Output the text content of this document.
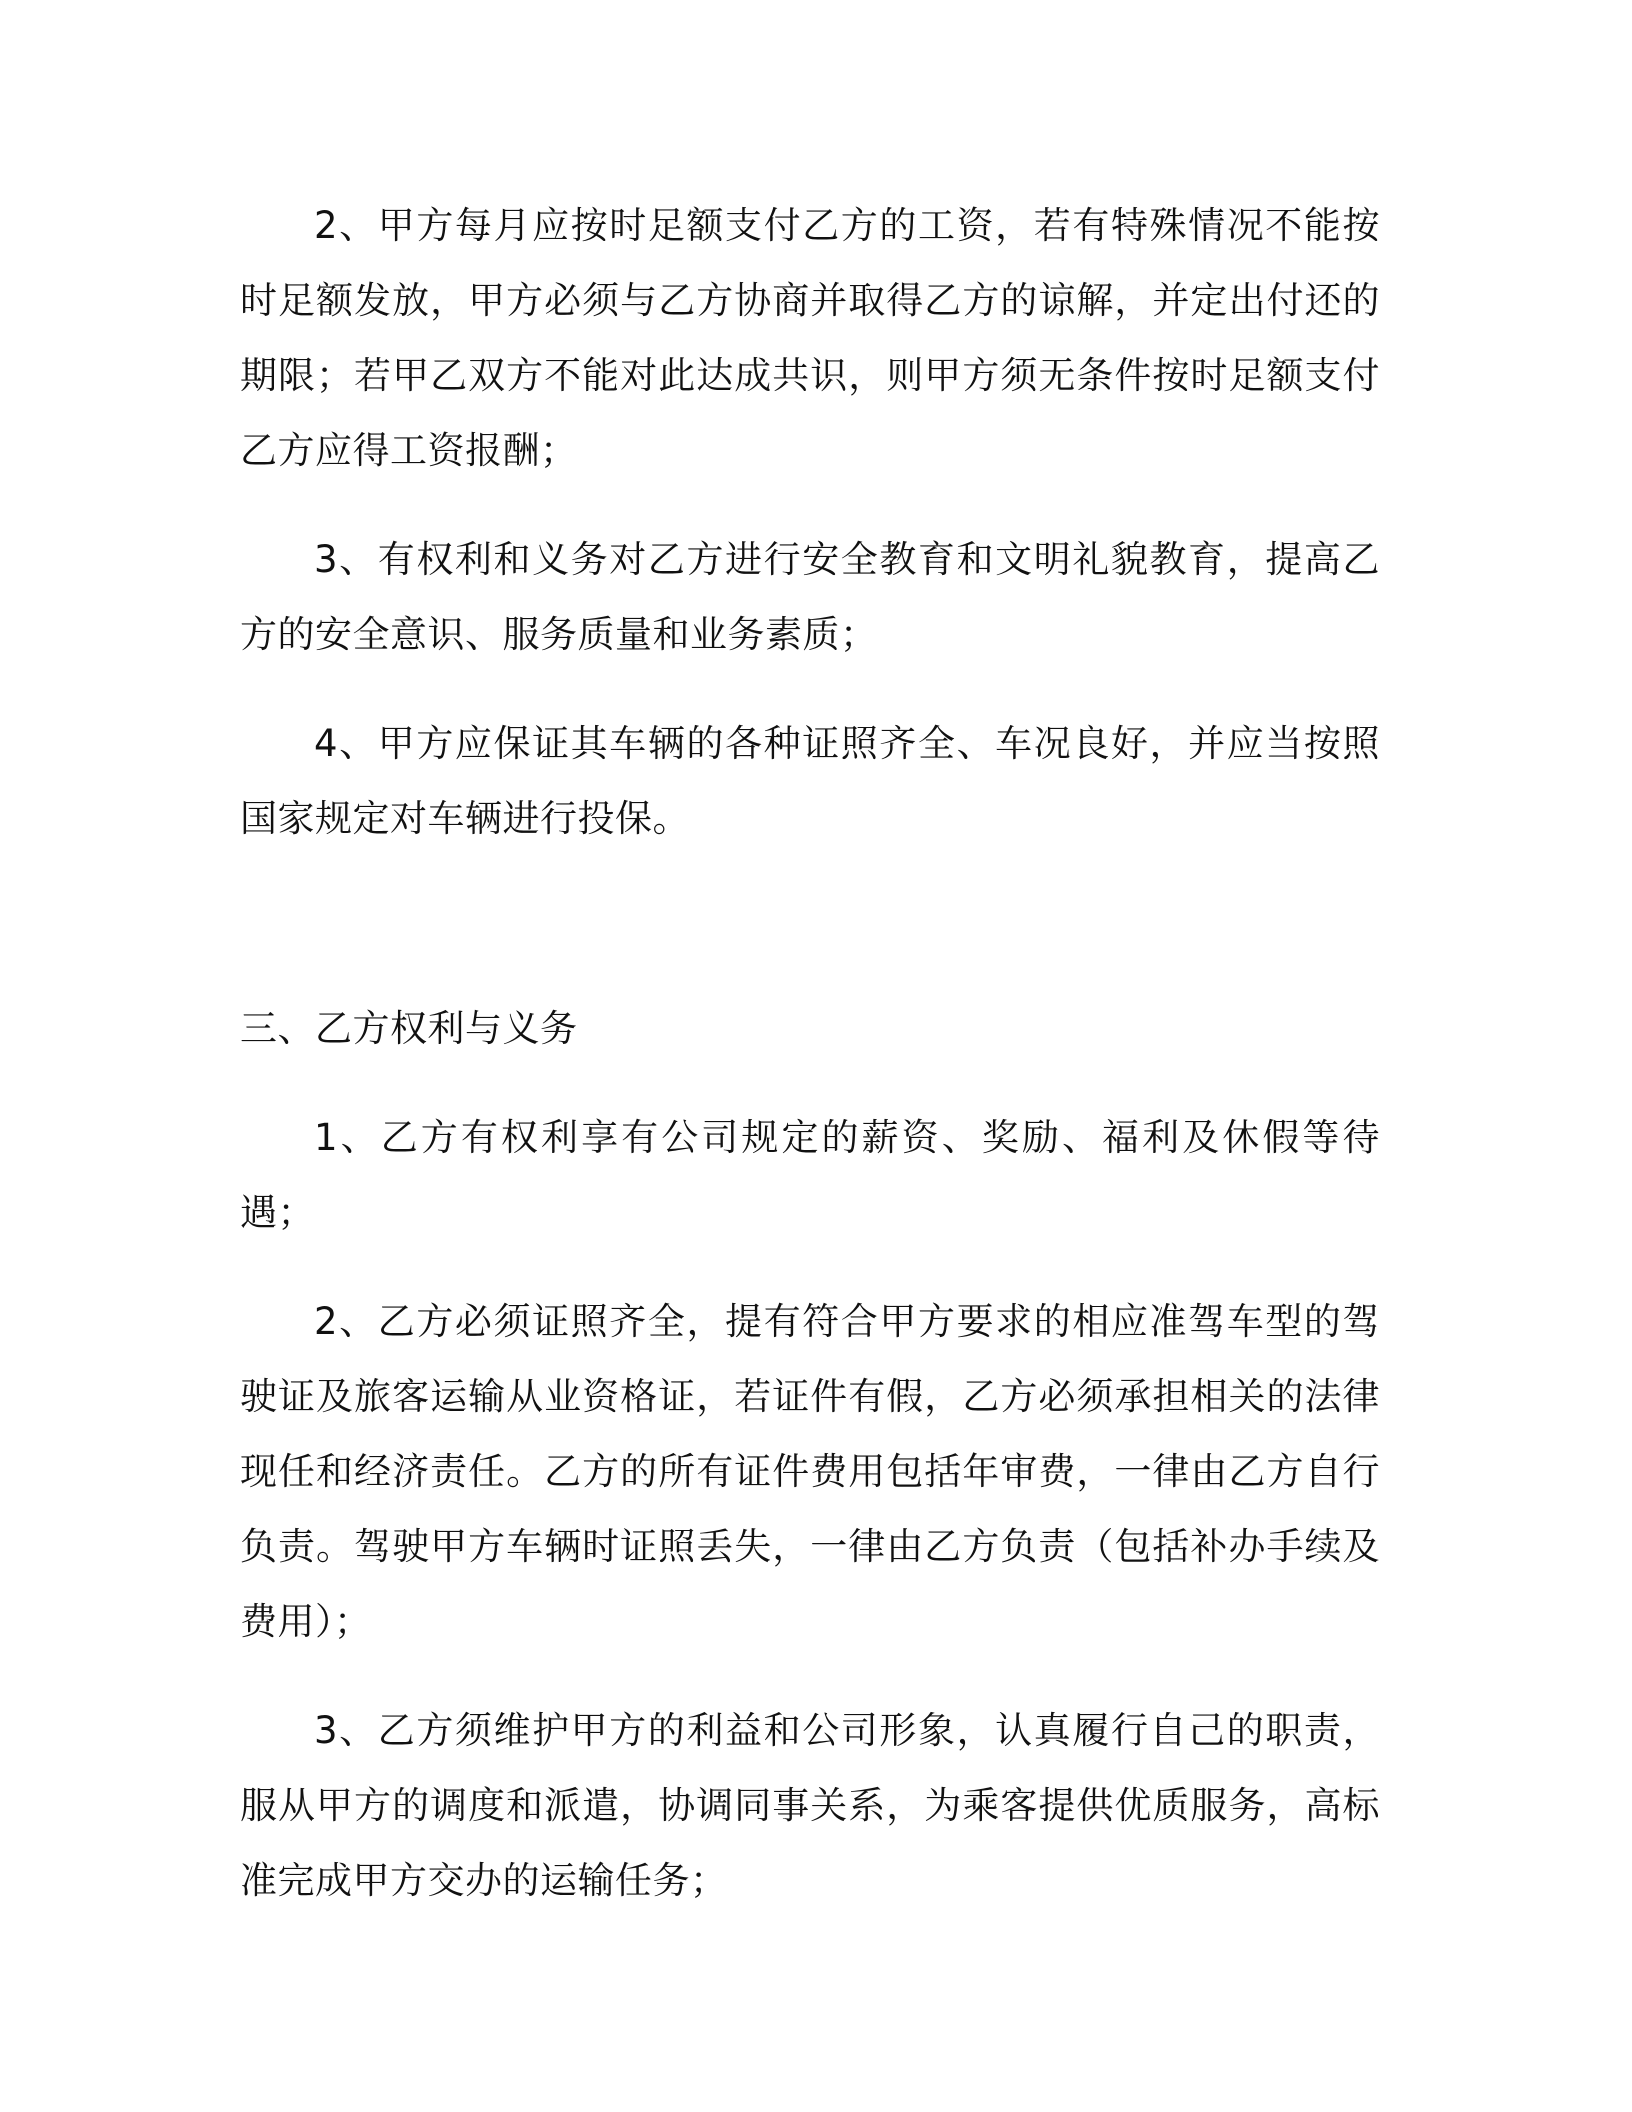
2、甲方每月应按时足额支付乙方的工资，若有特殊情况不能按时足额发放，甲方必须与乙方协商并取得乙方的谅解，并定出付还的期限；若甲乙双方不能对此达成共识，则甲方须无条件按时足额支付乙方应得工资报酬；

3、有权利和义务对乙方进行安全教育和文明礼貌教育，提高乙方的安全意识、服务质量和业务素质；

4、甲方应保证其车辆的各种证照齐全、车况良好，并应当按照国家规定对车辆进行投保。

三、乙方权利与义务

1、乙方有权利享有公司规定的薪资、奖励、福利及休假等待遇；

2、乙方必须证照齐全，提有符合甲方要求的相应准驾车型的驾驶证及旅客运输从业资格证，若证件有假，乙方必须承担相关的法律现任和经济责任。乙方的所有证件费用包括年审费，一律由乙方自行负责。驾驶甲方车辆时证照丢失，一律由乙方负责（包括补办手续及费用）；

3、乙方须维护甲方的利益和公司形象，认真履行自己的职责，服从甲方的调度和派遣，协调同事关系，为乘客提供优质服务，高标准完成甲方交办的运输任务；
